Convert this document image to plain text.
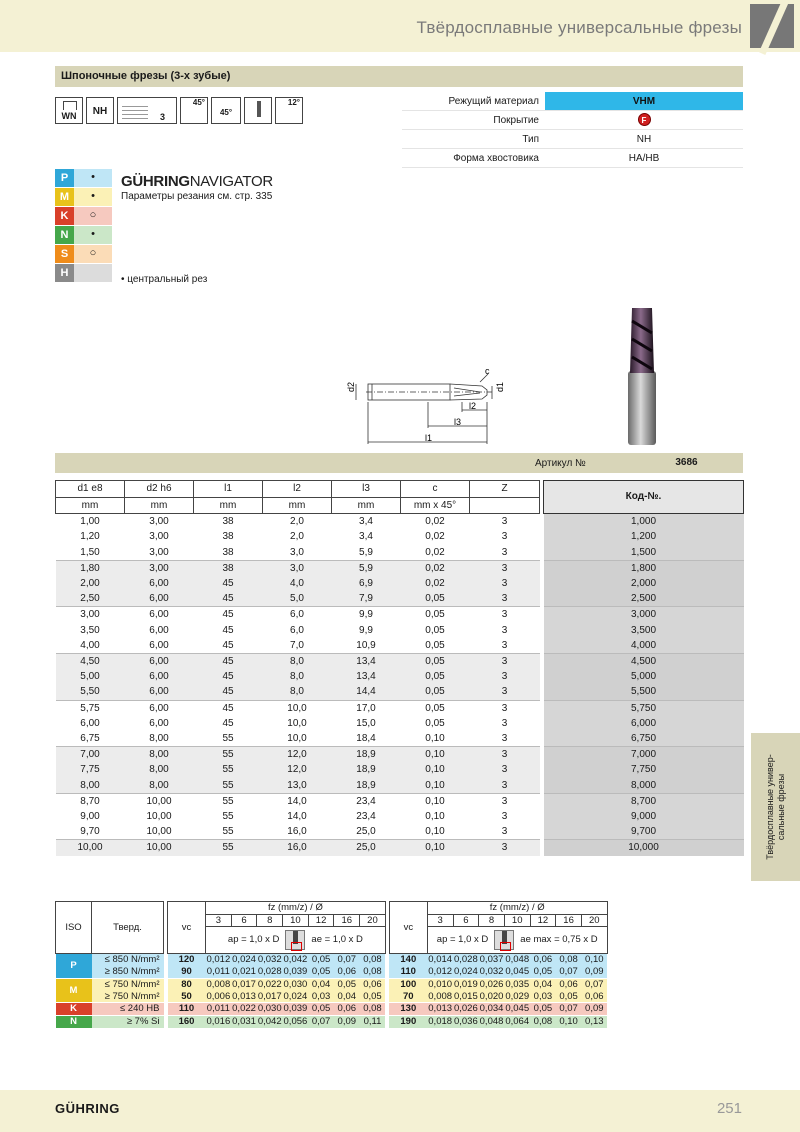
Твёрдосплавные универсальные фрезы
Шпоночные фрезы (3-х зубые)
WN	NH	3
45°
45°
12°	Режущий материал	VHM
Покрытие	F
Тип	NH
Форма хвостовика	HA/HB
P	•
M	•
K	○
N	•
S	○
H
GÜHRINGNAVIGATOR
Параметры резания см. стр. 335
• центральный рез
d2	d1
c
l1
l3
l2
Артикул №	3686
d1 e8	d2 h6	l1	l2	l3	c	Z		Код-№.
mm	mm	mm	mm	mm	mm x 45°			
1,00	3,00	38	2,0	3,4	0,02	3		1,000
1,20	3,00	38	2,0	3,4	0,02	3		1,200
1,50	3,00	38	3,0	5,9	0,02	3		1,500
1,80	3,00	38	3,0	5,9	0,02	3		1,800
2,00	6,00	45	4,0	6,9	0,02	3		2,000
2,50	6,00	45	5,0	7,9	0,05	3		2,500
3,00	6,00	45	6,0	9,9	0,05	3		3,000
3,50	6,00	45	6,0	9,9	0,05	3		3,500
4,00	6,00	45	7,0	10,9	0,05	3		4,000
4,50	6,00	45	8,0	13,4	0,05	3		4,500
5,00	6,00	45	8,0	13,4	0,05	3		5,000
5,50	6,00	45	8,0	14,4	0,05	3		5,500
5,75	6,00	45	10,0	17,0	0,05	3		5,750
6,00	6,00	45	10,0	15,0	0,05	3		6,000
6,75	8,00	55	10,0	18,4	0,10	3		6,750
7,00	8,00	55	12,0	18,9	0,10	3		7,000
7,75	8,00	55	12,0	18,9	0,10	3		7,750
8,00	8,00	55	13,0	18,9	0,10	3		8,000
8,70	10,00	55	14,0	23,4	0,10	3		8,700
9,00	10,00	55	14,0	23,4	0,10	3		9,000
9,70	10,00	55	16,0	25,0	0,10	3		9,700
10,00	10,00	55	16,0	25,0	0,10	3		10,000	Твёрдосплавные универ-сальные фрезы
ISO	Тверд.		vc	fz (mm/z) / Ø								vc	fz (mm/z) / Ø						
				3	6	8	10	12	16	20			3	6	8	10	12	16	20
				ap = 1,0 x D ae = 1,0 x D									ap = 1,0 x D ae max = 0,75 x D						
P	≤ 850 N/mm²		120	0,012	0,024	0,032	0,042	0,05	0,07	0,08		140	0,014	0,028	0,037	0,048	0,06	0,08	0,10
	≥ 850 N/mm²		90	0,011	0,021	0,028	0,039	0,05	0,06	0,08		110	0,012	0,024	0,032	0,045	0,05	0,07	0,09
M	≤ 750 N/mm²		80	0,008	0,017	0,022	0,030	0,04	0,05	0,06		100	0,010	0,019	0,026	0,035	0,04	0,06	0,07
	≥ 750 N/mm²		50	0,006	0,013	0,017	0,024	0,03	0,04	0,05		70	0,008	0,015	0,020	0,029	0,03	0,05	0,06
K	≤ 240 HB		110	0,011	0,022	0,030	0,039	0,05	0,06	0,08		130	0,013	0,026	0,034	0,045	0,05	0,07	0,09
N	≥ 7% Si		160	0,016	0,031	0,042	0,056	0,07	0,09	0,11		190	0,018	0,036	0,048	0,064	0,08	0,10	0,13
GÜHRING	251
